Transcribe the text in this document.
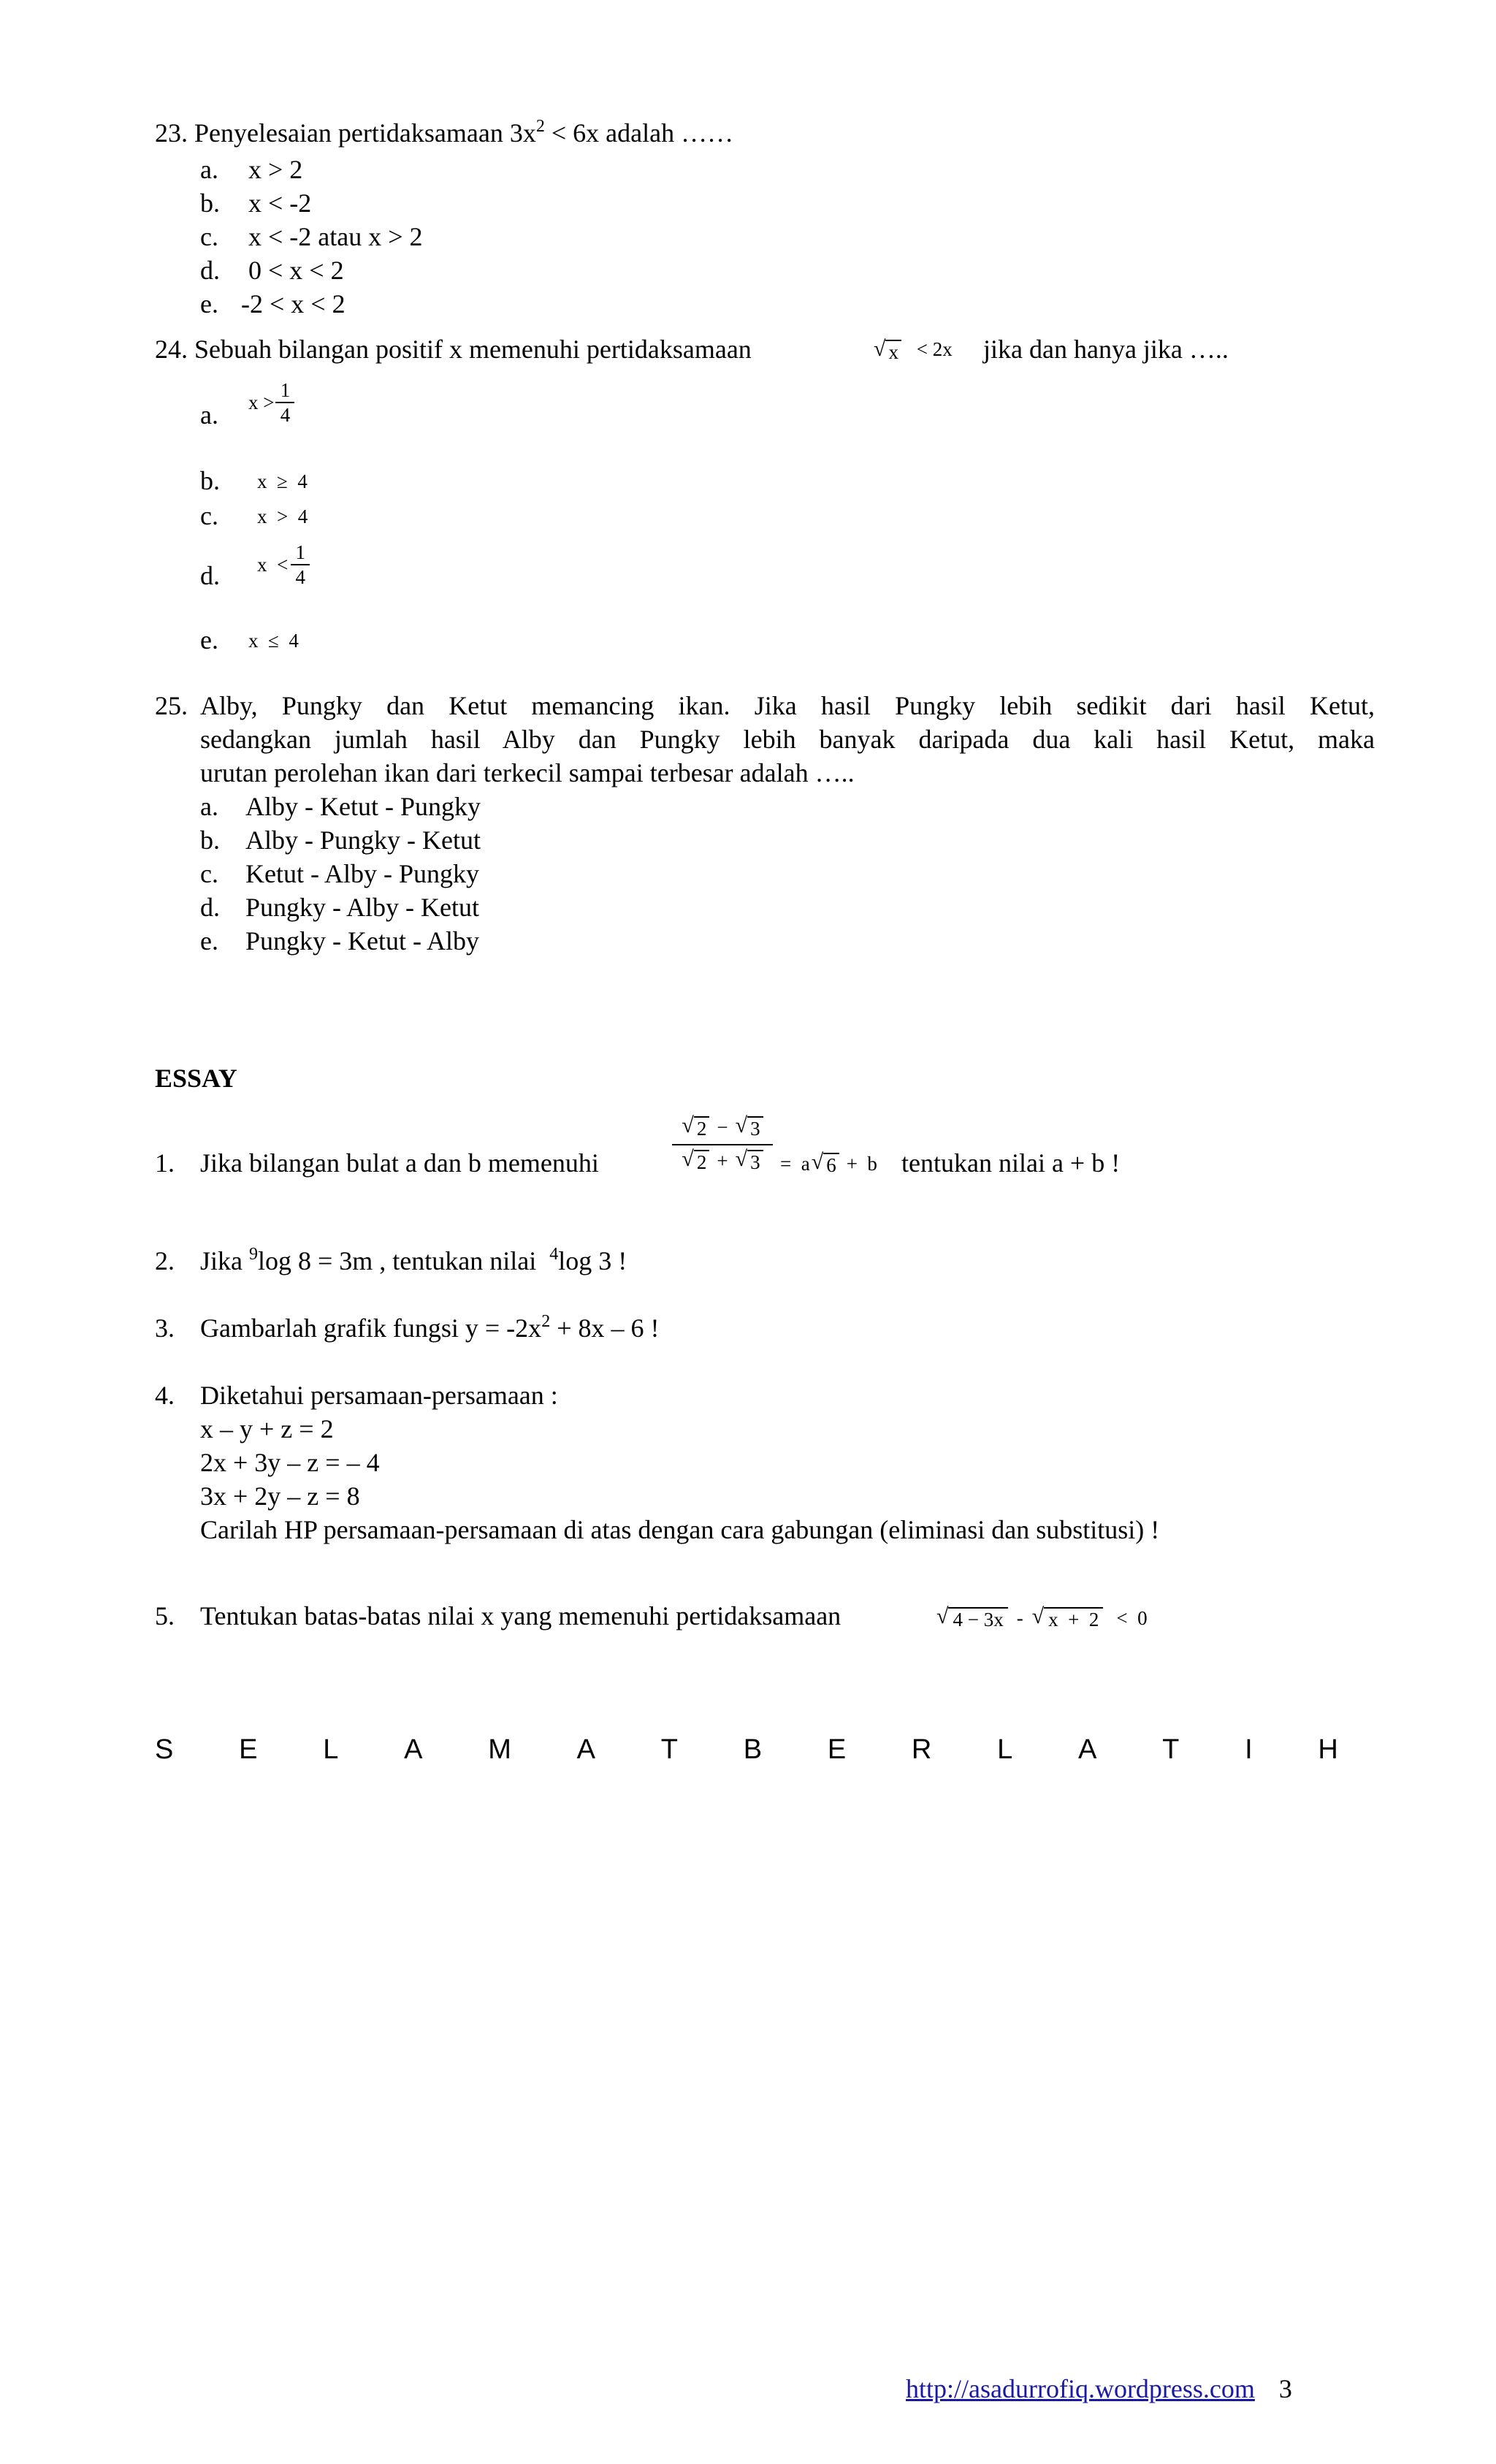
23. Penyelesaian pertidaksamaan $3x^2 < 6x$ adalah ……
a. x > 2
b. x < -2
c. x < -2 atau x > 2
d. 0 < x < 2
e. -2 < x < 2
24. Sebuah bilangan positif x memenuhi pertidaksamaan	√ x < 2x jika dan hanya jika …..
a. $x > \frac{1}{4}$
b. x  ≥  4
c. x  >  4
d. $x < \frac{1}{4}$
e. x  ≤  4
25. Alby, Pungky dan Ketut memancing ikan. Jika hasil Pungky lebih sedikit dari hasil Ketut,
sedangkan jumlah hasil Alby dan Pungky lebih banyak daripada dua kali hasil Ketut, maka
urutan perolehan ikan dari terkecil sampai terbesar adalah …..
a. Alby - Ketut - Pungky
b. Alby - Pungky - Ketut
c. Ketut - Alby - Pungky
d. Pungky - Alby - Ketut
e. Pungky - Ketut - Alby
ESSAY
1. Jika bilangan bulat a dan b memenuhi
√ 2 − √ 3
√ 2 + √ 3 =  a √ 6 +  b tentukan nilai a + b !
2. Jika $^9$log 8 = 3m , tentukan nilai  $^4$log 3 !
3. Gambarlah grafik fungsi $y = -2x^2 + 8x - 6$ !
4. Diketahui persamaan-persamaan :
x – y + z = 2
2x + 3y – z = – 4
3x + 2y – z = 8
Carilah HP persamaan-persamaan di atas dengan cara gabungan (eliminasi dan substitusi) !
5. Tentukan batas-batas nilai x yang memenuhi pertidaksamaan	√ 4 − 3x - √ x  +  2 <  0
S E L A M A T B E R L A T I H
http://asadurrofiq.wordpress.com 3
